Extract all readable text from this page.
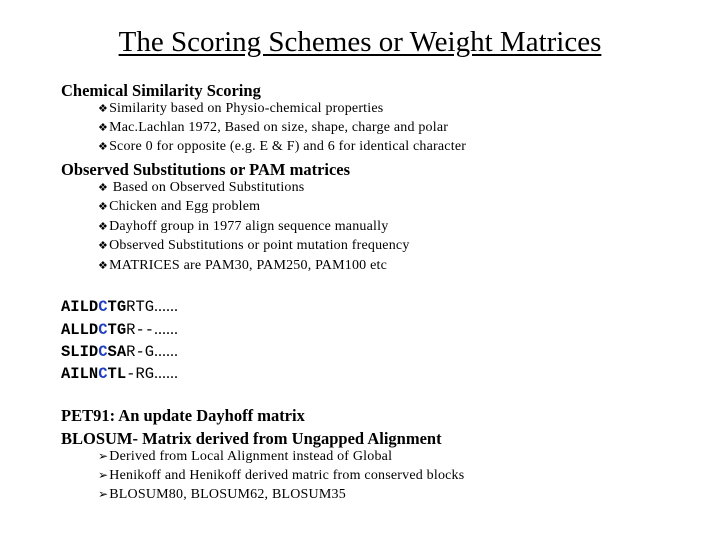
The Scoring Schemes or Weight Matrices
Chemical Similarity Scoring
❖Similarity based on Physio-chemical properties
❖Mac.Lachlan 1972, Based on size, shape, charge and polar
❖Score 0 for opposite (e.g. E & F) and 6 for identical character
Observed Substitutions or PAM matrices
❖ Based on Observed Substitutions
❖Chicken and Egg problem
❖Dayhoff group in 1977 align sequence manually
❖Observed Substitutions or point mutation frequency
❖MATRICES are PAM30, PAM250, PAM100 etc
AILDCTGRTG......
ALLDCTGR--......
SLIDCSAR-G......
AILNCTL-RG......
PET91: An update Dayhoff matrix
BLOSUM- Matrix derived from Ungapped Alignment
➢Derived from Local Alignment instead of Global
➢Henikoff and Henikoff derived matric from conserved blocks
➢BLOSUM80, BLOSUM62, BLOSUM35
